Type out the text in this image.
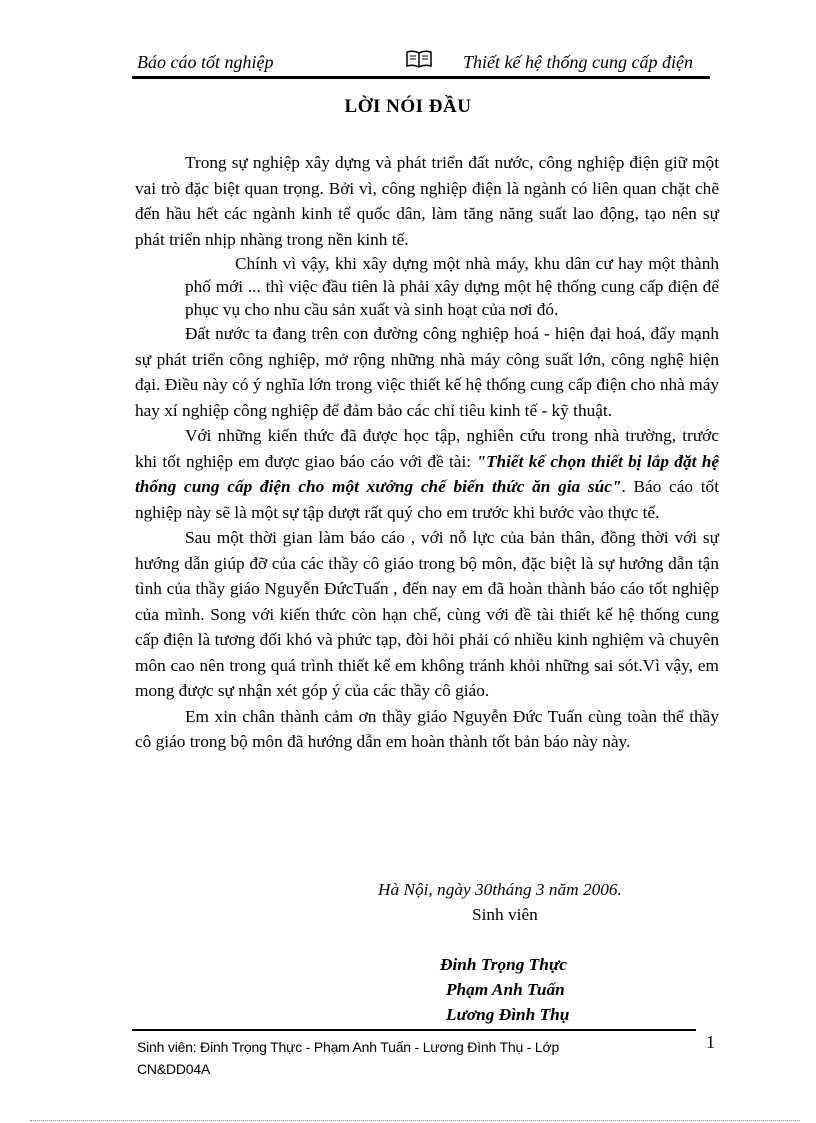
Báo cáo tốt nghiệp	Thiết kế hệ thống cung cấp điện
LỜI NÓI ĐẦU

Trong sự nghiệp xây dựng và phát triển đất nước, công nghiệp điện giữ một vai trò đặc biệt quan trọng. Bởi vì, công nghiệp điện là ngành có liên quan chặt chẽ đến hầu hết các ngành kinh tế quốc dân, làm tăng năng suất lao động, tạo nên sự phát triển nhịp nhàng trong nền kinh tế.

Chính vì vậy, khi xây dựng một nhà máy, khu dân cư hay một thành phố mới ... thì việc đầu tiên là phải xây dựng một hệ thống cung cấp điện để phục vụ cho nhu cầu sản xuất và sinh hoạt của nơi đó.

Đất nước ta đang trên con đường công nghiệp hoá - hiện đại hoá, đẩy mạnh sự phát triển công nghiệp, mở rộng những nhà máy công suất lớn, công nghệ hiện đại. Điều này có ý nghĩa lớn trong việc thiết kế hệ thống cung cấp điện cho nhà máy hay xí nghiệp công nghiệp để đảm bảo các chỉ tiêu kinh tế - kỹ thuật.

Với những kiến thức đã được học tập, nghiên cứu trong nhà trường, trước khi tốt nghiệp em được giao báo cáo với đề tài: "Thiết kế chọn thiết bị lắp đặt hệ thống cung cấp điện cho một xưởng chế biến thức ăn gia súc". Báo cáo tốt nghiệp này sẽ là một sự tập dượt rất quý cho em trước khi bước vào thực tế.

Sau một thời gian làm báo cáo , với nỗ lực của bản thân, đồng thời với sự hướng dẫn giúp đỡ của các thầy cô giáo trong bộ môn, đặc biệt là sự hướng dẫn tận tình của thầy giáo Nguyễn ĐứcTuấn , đến nay em đã hoàn thành báo cáo tốt nghiệp của mình. Song với kiến thức còn hạn chế, cùng với đề tài thiết kế hệ thống cung cấp điện là tương đối khó và phức tạp, đòi hỏi phải có nhiều kinh nghiệm và chuyên môn cao nên trong quá trình thiết kế em không tránh khỏi những sai sót.Vì vậy, em mong được sự nhận xét góp ý của các thầy cô giáo.

Em xin chân thành cảm ơn thầy giáo Nguyễn Đức Tuấn cùng toàn thể thầy cô giáo trong bộ môn đã hướng dẫn em hoàn thành tốt bản báo này này.

Hà Nội, ngày 30tháng 3 năm 2006.
Sinh viên
Đinh Trọng Thực
Phạm Anh Tuấn
Lương Đình Thụ
Sinh viên: Đinh Trọng Thực - Phạm Anh Tuấn - Lương Đình Thụ - Lớp CN&DD04A
1
